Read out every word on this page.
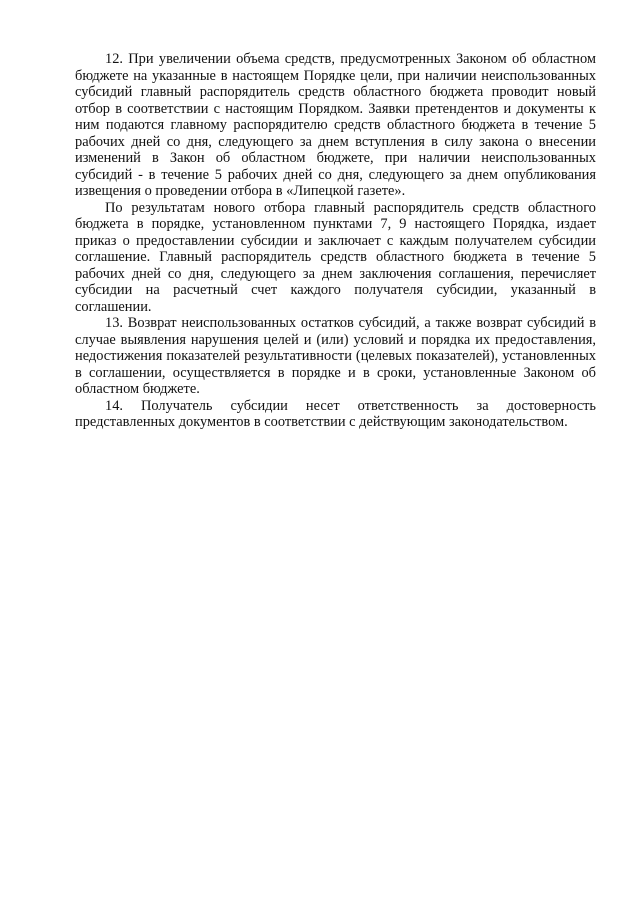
12. При увеличении объема средств, предусмотренных Законом об областном бюджете на указанные в настоящем Порядке цели, при наличии неиспользованных субсидий главный распорядитель средств областного бюджета проводит новый отбор в соответствии с настоящим Порядком. Заявки претендентов и документы к ним подаются главному распорядителю средств областного бюджета в течение 5 рабочих дней со дня, следующего за днем вступления в силу закона о внесении изменений в Закон об областном бюджете, при наличии неиспользованных субсидий - в течение 5 рабочих дней со дня, следующего за днем опубликования извещения о проведении отбора в «Липецкой газете».

По результатам нового отбора главный распорядитель средств областного бюджета в порядке, установленном пунктами 7, 9 настоящего Порядка, издает приказ о предоставлении субсидии и заключает с каждым получателем субсидии соглашение. Главный распорядитель средств областного бюджета в течение 5 рабочих дней со дня, следующего за днем заключения соглашения, перечисляет субсидии на расчетный счет каждого получателя субсидии, указанный в соглашении.

13. Возврат неиспользованных остатков субсидий, а также возврат субсидий в случае выявления нарушения целей и (или) условий и порядка их предоставления, недостижения показателей результативности (целевых показателей), установленных в соглашении, осуществляется в порядке и в сроки, установленные Законом об областном бюджете.

14. Получатель субсидии несет ответственность за достоверность представленных документов в соответствии с действующим законодательством.
